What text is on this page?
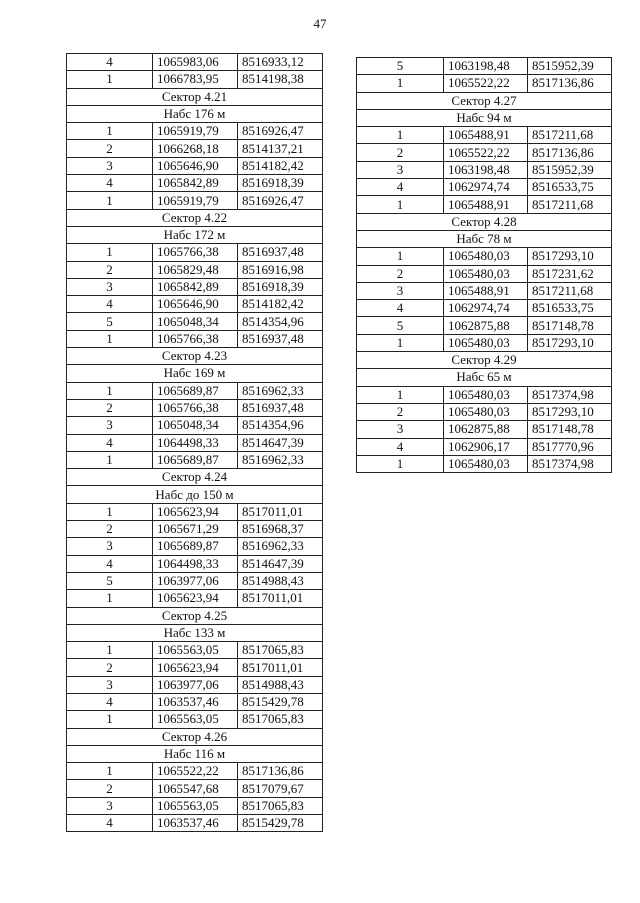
47
4	1065983,06	8516933,12
1	1066783,95	8514198,38
Сектор 4.21		
Набс 176 м		
1	1065919,79	8516926,47
2	1066268,18	8514137,21
3	1065646,90	8514182,42
4	1065842,89	8516918,39
1	1065919,79	8516926,47
Сектор 4.22		
Набс 172 м		
1	1065766,38	8516937,48
2	1065829,48	8516916,98
3	1065842,89	8516918,39
4	1065646,90	8514182,42
5	1065048,34	8514354,96
1	1065766,38	8516937,48
Сектор 4.23		
Набс 169 м		
1	1065689,87	8516962,33
2	1065766,38	8516937,48
3	1065048,34	8514354,96
4	1064498,33	8514647,39
1	1065689,87	8516962,33
Сектор 4.24		
Набс до 150 м		
1	1065623,94	8517011,01
2	1065671,29	8516968,37
3	1065689,87	8516962,33
4	1064498,33	8514647,39
5	1063977,06	8514988,43
1	1065623,94	8517011,01
Сектор 4.25		
Набс 133 м		
1	1065563,05	8517065,83
2	1065623,94	8517011,01
3	1063977,06	8514988,43
4	1063537,46	8515429,78
1	1065563,05	8517065,83
Сектор 4.26		
Набс 116 м		
1	1065522,22	8517136,86
2	1065547,68	8517079,67
3	1065563,05	8517065,83
4	1063537,46	8515429,78
5	1063198,48	8515952,39
1	1065522,22	8517136,86
Сектор 4.27		
Набс 94 м		
1	1065488,91	8517211,68
2	1065522,22	8517136,86
3	1063198,48	8515952,39
4	1062974,74	8516533,75
1	1065488,91	8517211,68
Сектор 4.28		
Набс 78 м		
1	1065480,03	8517293,10
2	1065480,03	8517231,62
3	1065488,91	8517211,68
4	1062974,74	8516533,75
5	1062875,88	8517148,78
1	1065480,03	8517293,10
Сектор 4.29		
Набс 65 м		
1	1065480,03	8517374,98
2	1065480,03	8517293,10
3	1062875,88	8517148,78
4	1062906,17	8517770,96
1	1065480,03	8517374,98
